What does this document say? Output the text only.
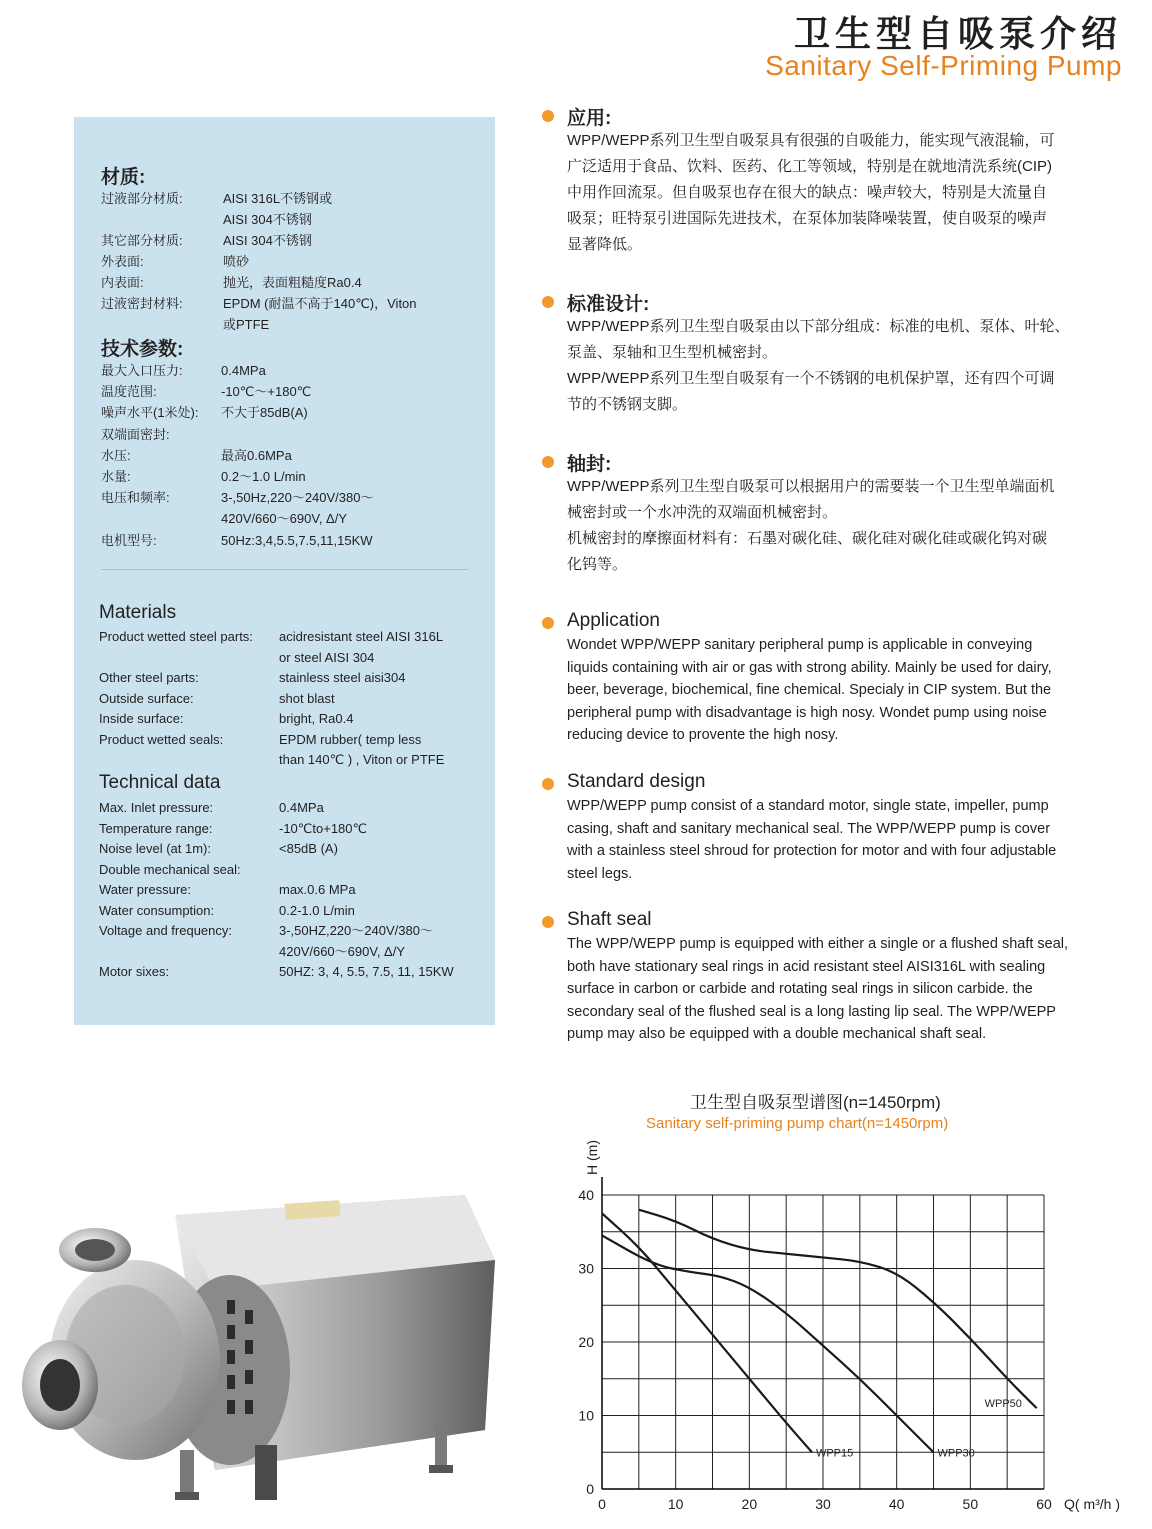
卫生型自吸泵介绍
Sanitary Self-Priming Pump
材质:
过液部分材质:	AISI 316L不锈钢或
AISI 304不锈钢
其它部分材质:	AISI 304不锈钢
外表面:	喷砂
内表面:	抛光，表面粗糙度Ra0.4
过液密封材料:	EPDM (耐温不高于140℃)，Viton
或PTFE
技术参数:
最大入口压力:	0.4MPa
温度范围:	-10℃～+180℃
噪声水平(1米处): 不大于85dB(A)
双端面密封:
水压:	最高0.6MPa
水量:	0.2～1.0 L/min
电压和频率:	3-,50Hz,220～240V/380～
420V/660～690V, Δ/Y
电机型号:	50Hz:3,4,5.5,7.5,11,15KW
Materials
Product wetted steel parts: acidresistant steel AISI 316L
or steel AISI 304
Other steel parts:	stainless steel aisi304
Outside surface:	shot blast
Inside surface:	bright, Ra0.4
Product wetted seals:	EPDM rubber( temp less
than 140℃ ) , Viton or PTFE
Technical data
Max. Inlet pressure:	0.4MPa
Temperature range:	-10℃to+180℃
Noise level (at 1m):	<85dB (A)
Double mechanical seal:
Water pressure:	max.0.6 MPa
Water consumption:	0.2-1.0 L/min
Voltage and frequency:	3-,50HZ,220～240V/380～
420V/660～690V, Δ/Y
Motor sixes:	50HZ: 3, 4, 5.5, 7.5, 11, 15KW
应用:
WPP/WEPP系列卫生型自吸泵具有很强的自吸能力，能实现气液混输，可
广泛适用于食品、饮料、医药、化工等领域，特别是在就地清洗系统(CIP)
中用作回流泵。但自吸泵也存在很大的缺点：噪声较大，特别是大流量自
吸泵；旺特泵引进国际先进技术，在泵体加装降噪装置，使自吸泵的噪声
显著降低。
标准设计:
WPP/WEPP系列卫生型自吸泵由以下部分组成：标准的电机、泵体、叶轮、
泵盖、泵轴和卫生型机械密封。
WPP/WEPP系列卫生型自吸泵有一个不锈钢的电机保护罩，还有四个可调
节的不锈钢支脚。
轴封:
WPP/WEPP系列卫生型自吸泵可以根据用户的需要装一个卫生型单端面机
械密封或一个水冲洗的双端面机械密封。
机械密封的摩擦面材料有：石墨对碳化硅、碳化硅对碳化硅或碳化钨对碳
化钨等。
Application
Wondet WPP/WEPP sanitary peripheral pump is applicable in conveying
liquids containing with air or gas with strong ability. Mainly be used for dairy,
beer, beverage, biochemical, fine chemical. Specialy in CIP system. But the
peripheral pump with disadvantage is high nosy. Wondet pump using noise
reducing device to provente the high nosy.
Standard design
WPP/WEPP pump consist of a standard motor, single state, impeller, pump
casing, shaft and sanitary mechanical seal. The WPP/WEPP pump is cover
with a stainless steel shroud for protection for motor and with four adjustable
steel legs.
Shaft seal
The WPP/WEPP pump is equipped with either a single or a flushed shaft seal,
both have stationary seal rings in acid resistant steel AISI316L with sealing
surface in carbon or carbide and rotating seal rings in silicon carbide. the
secondary seal of the flushed seal is a long lasting lip seal. The WPP/WEPP
pump may also be equipped with a double mechanical shaft seal.
卫生型自吸泵型谱图(n=1450rpm)
Sanitary self-priming pump chart(n=1450rpm)
0	10	20	30	40	50	60
0
10
20
30
40
Q( m³/h )
H (m)
WPP15	WPP30
WPP50
